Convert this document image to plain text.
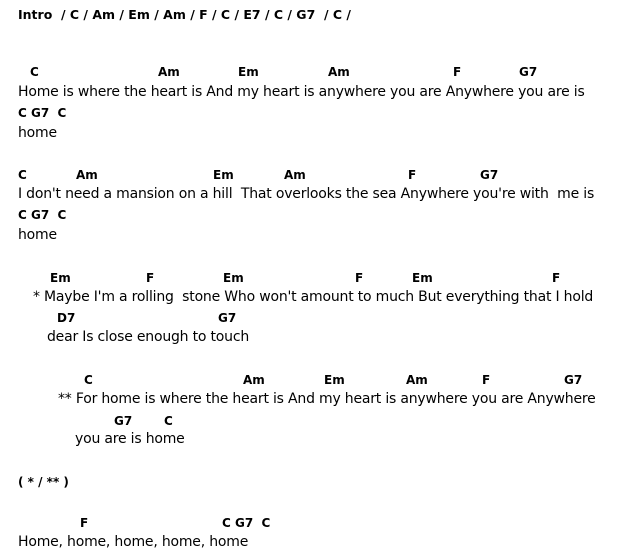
Intro  / C / Am / Em / Am / F / C / E7 / C / G7  / C /
C	Am	Em	Am	F	G7
Home is where the heart is And my heart is anywhere you are Anywhere you are is
C G7  C
home
C	Am	Em	Am	F	G7
I don't need a mansion on a hill  That overlooks the sea Anywhere you're with  me is
C G7  C
home
Em	F	Em	F	Em	F
* Maybe I'm a rolling  stone Who won't amount to much But everything that I hold
D7	G7
dear Is close enough to touch
C	Am	Em	Am	F	G7
** For home is where the heart is And my heart is anywhere you are Anywhere
G7	C
you are is home
( * / ** )
F	C G7  C
Home, home, home, home, home
